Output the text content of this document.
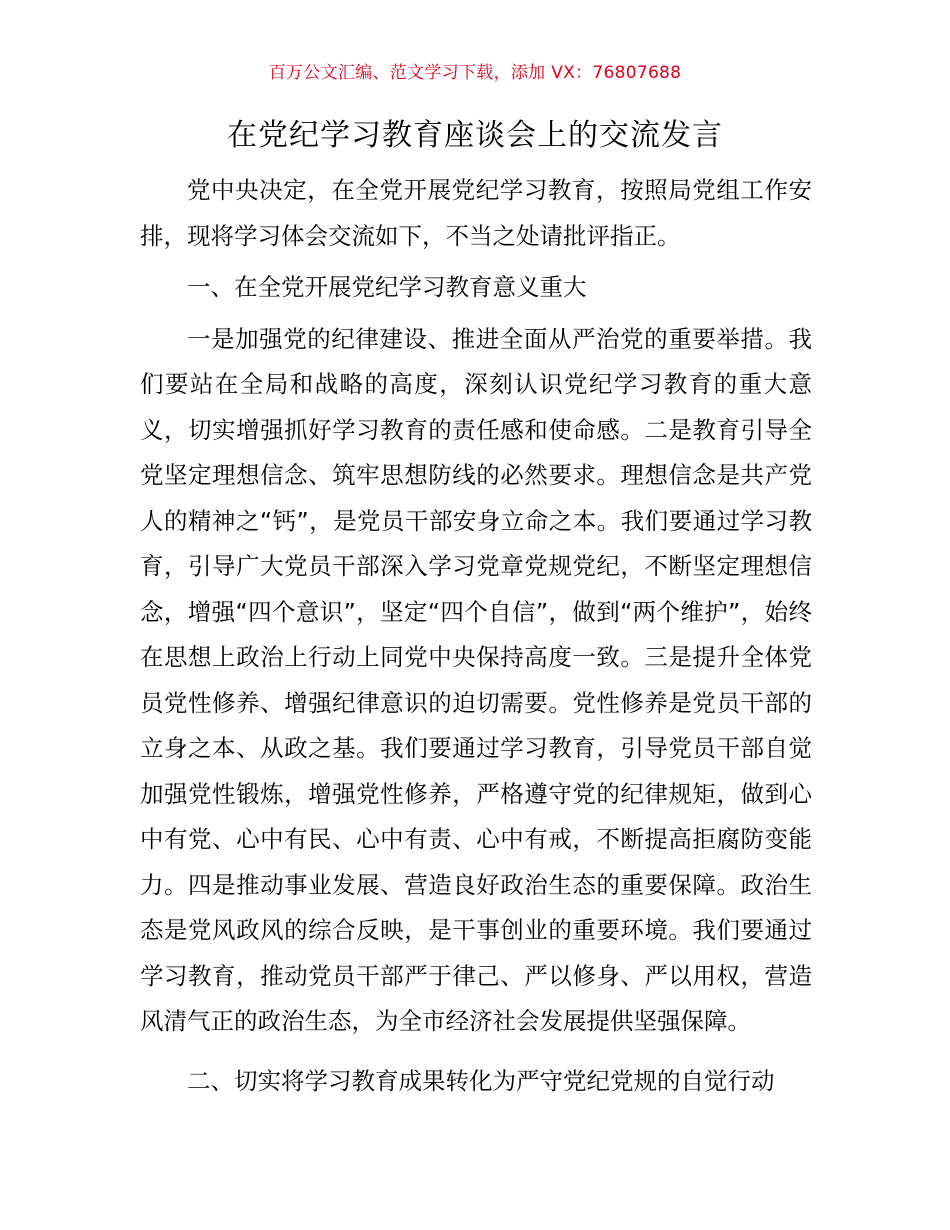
百万公文汇编、范文学习下载，添加 VX：76807688
在党纪学习教育座谈会上的交流发言

党中央决定，在全党开展党纪学习教育，按照局党组工作安排，现将学习体会交流如下，不当之处请批评指正。

一、在全党开展党纪学习教育意义重大

一是加强党的纪律建设、推进全面从严治党的重要举措。我们要站在全局和战略的高度，深刻认识党纪学习教育的重大意义，切实增强抓好学习教育的责任感和使命感。二是教育引导全党坚定理想信念、筑牢思想防线的必然要求。理想信念是共产党人的精神之“钙”，是党员干部安身立命之本。我们要通过学习教育，引导广大党员干部深入学习党章党规党纪，不断坚定理想信念，增强“四个意识”，坚定“四个自信”，做到“两个维护”，始终在思想上政治上行动上同党中央保持高度一致。三是提升全体党员党性修养、增强纪律意识的迫切需要。党性修养是党员干部的立身之本、从政之基。我们要通过学习教育，引导党员干部自觉加强党性锻炼，增强党性修养，严格遵守党的纪律规矩，做到心中有党、心中有民、心中有责、心中有戒，不断提高拒腐防变能力。四是推动事业发展、营造良好政治生态的重要保障。政治生态是党风政风的综合反映，是干事创业的重要环境。我们要通过学习教育，推动党员干部严于律己、严以修身、严以用权，营造风清气正的政治生态，为全市经济社会发展提供坚强保障。

二、切实将学习教育成果转化为严守党纪党规的自觉行动
